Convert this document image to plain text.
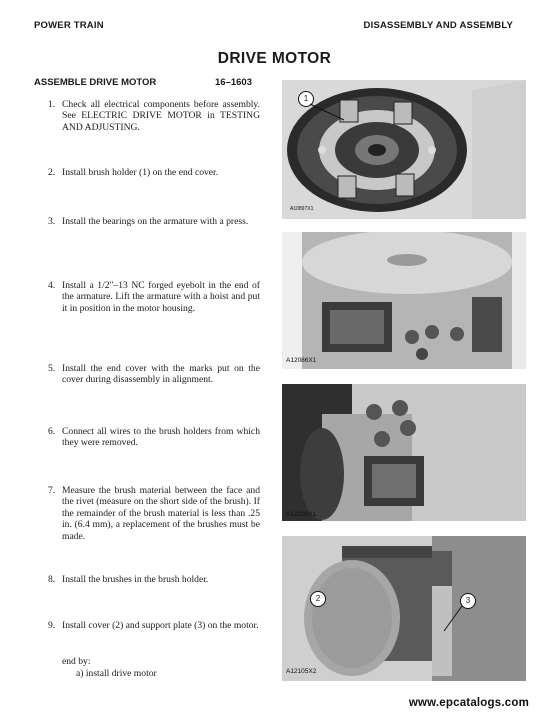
POWER TRAIN	DISASSEMBLY AND ASSEMBLY
DRIVE MOTOR
ASSEMBLE DRIVE MOTOR	16–1603
1. Check all electrical components before assembly. See ELECTRIC DRIVE MOTOR in TESTING AND ADJUSTING.
2. Install brush holder (1) on the end cover.
3. Install the bearings on the armature with a press.
4. Install a 1/2"–13 NC forged eyebolt in the end of the armature. Lift the armature with a hoist and put it in position in the motor housing.
5. Install the end cover with the marks put on the cover during disassembly in alignment.
6. Connect all wires to the brush holders from which they were removed.
7. Measure the brush material between the face and the rivet (measure on the short side of the brush). If the remainder of the brush material is less than .25 in. (6.4 mm), a replacement of the brushes must be made.
8. Install the brushes in the brush holder.
9. Install cover (2) and support plate (3) on the motor.
end by:
a) install drive motor
A10897X1
1
A12086X1
A12106X1
A12105X2
2	3
www.epcatalogs.com
